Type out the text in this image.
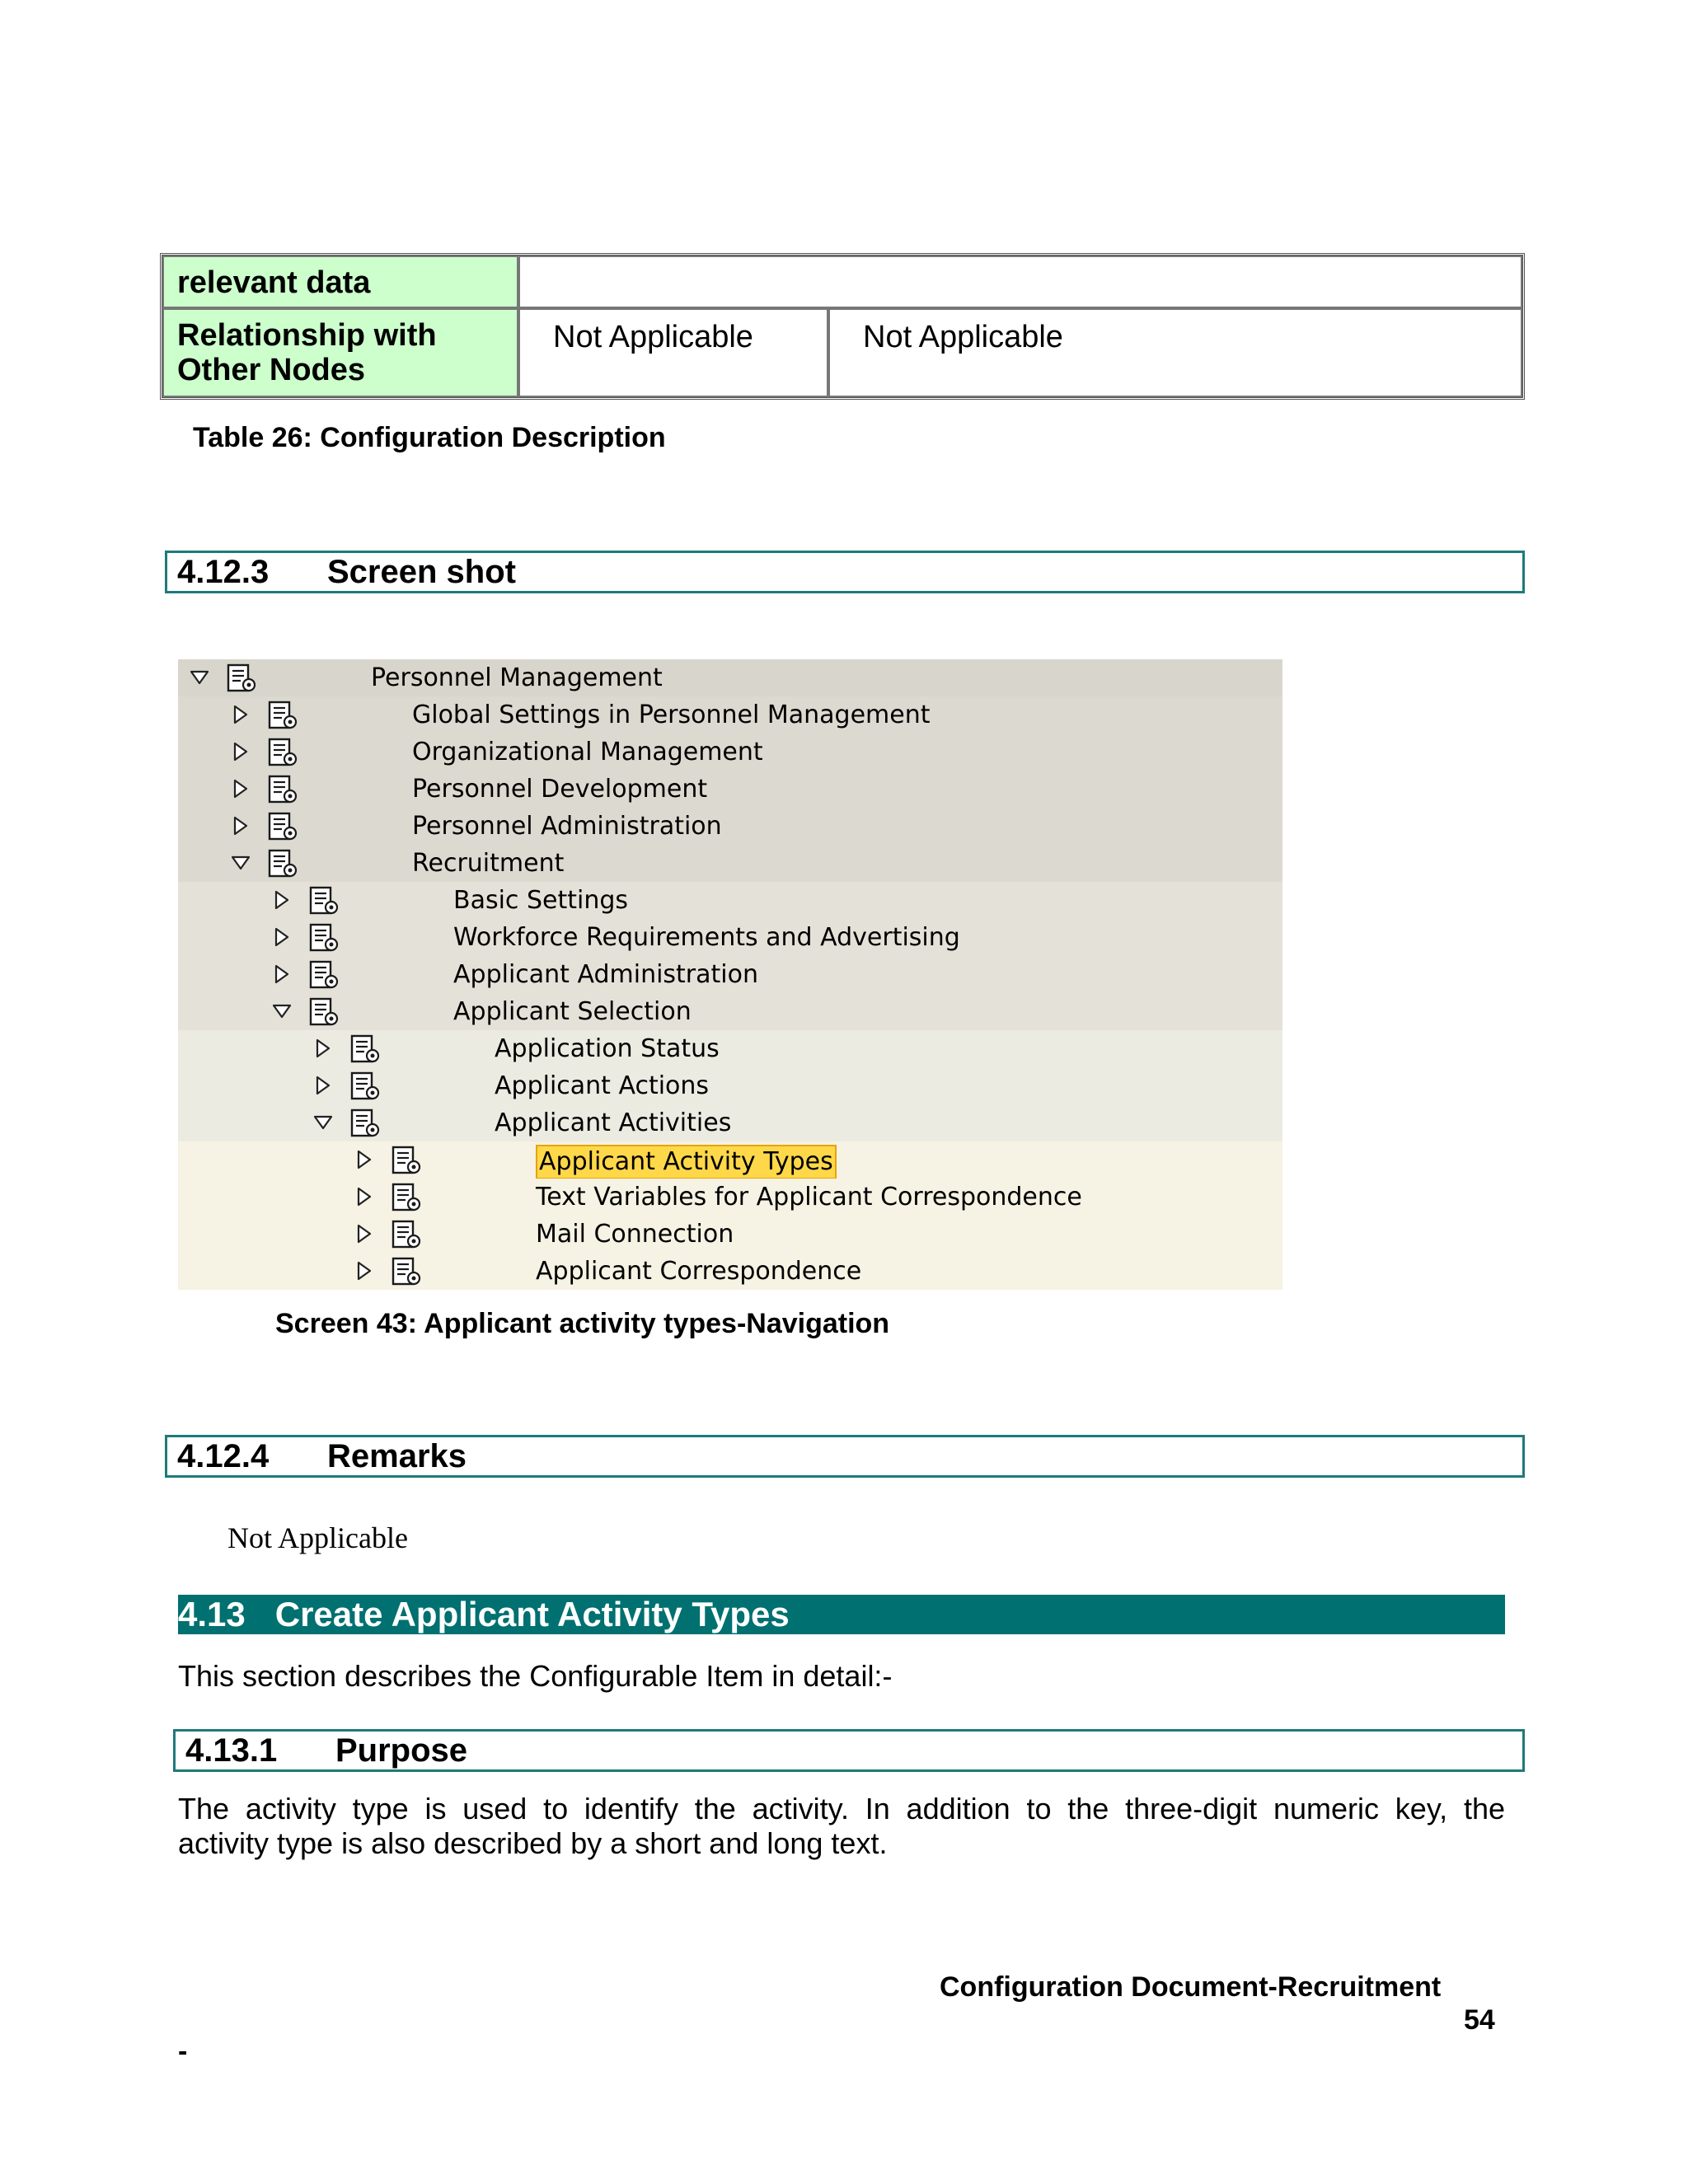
relevant data
Relationship with
Other Nodes
Not Applicable	Not Applicable
Table 26: Configuration Description
4.12.3 Screen shot
Personnel Management
Global Settings in Personnel Management
Organizational Management
Personnel Development
Personnel Administration
Recruitment
Basic Settings
Workforce Requirements and Advertising
Applicant Administration
Applicant Selection
Application Status
Applicant Actions
Applicant Activities
Applicant Activity Types
Text Variables for Applicant Correspondence
Mail Connection
Applicant Correspondence
Screen 43: Applicant activity types-Navigation
4.12.4 Remarks
Not Applicable
4.13 Create Applicant Activity Types
This section describes the Configurable Item in detail:-
4.13.1 Purpose
The activity type is used to identify the activity. In addition to the three-digit numeric key, the
activity type is also described by a short and long text.
Configuration Document-Recruitment
54
-
